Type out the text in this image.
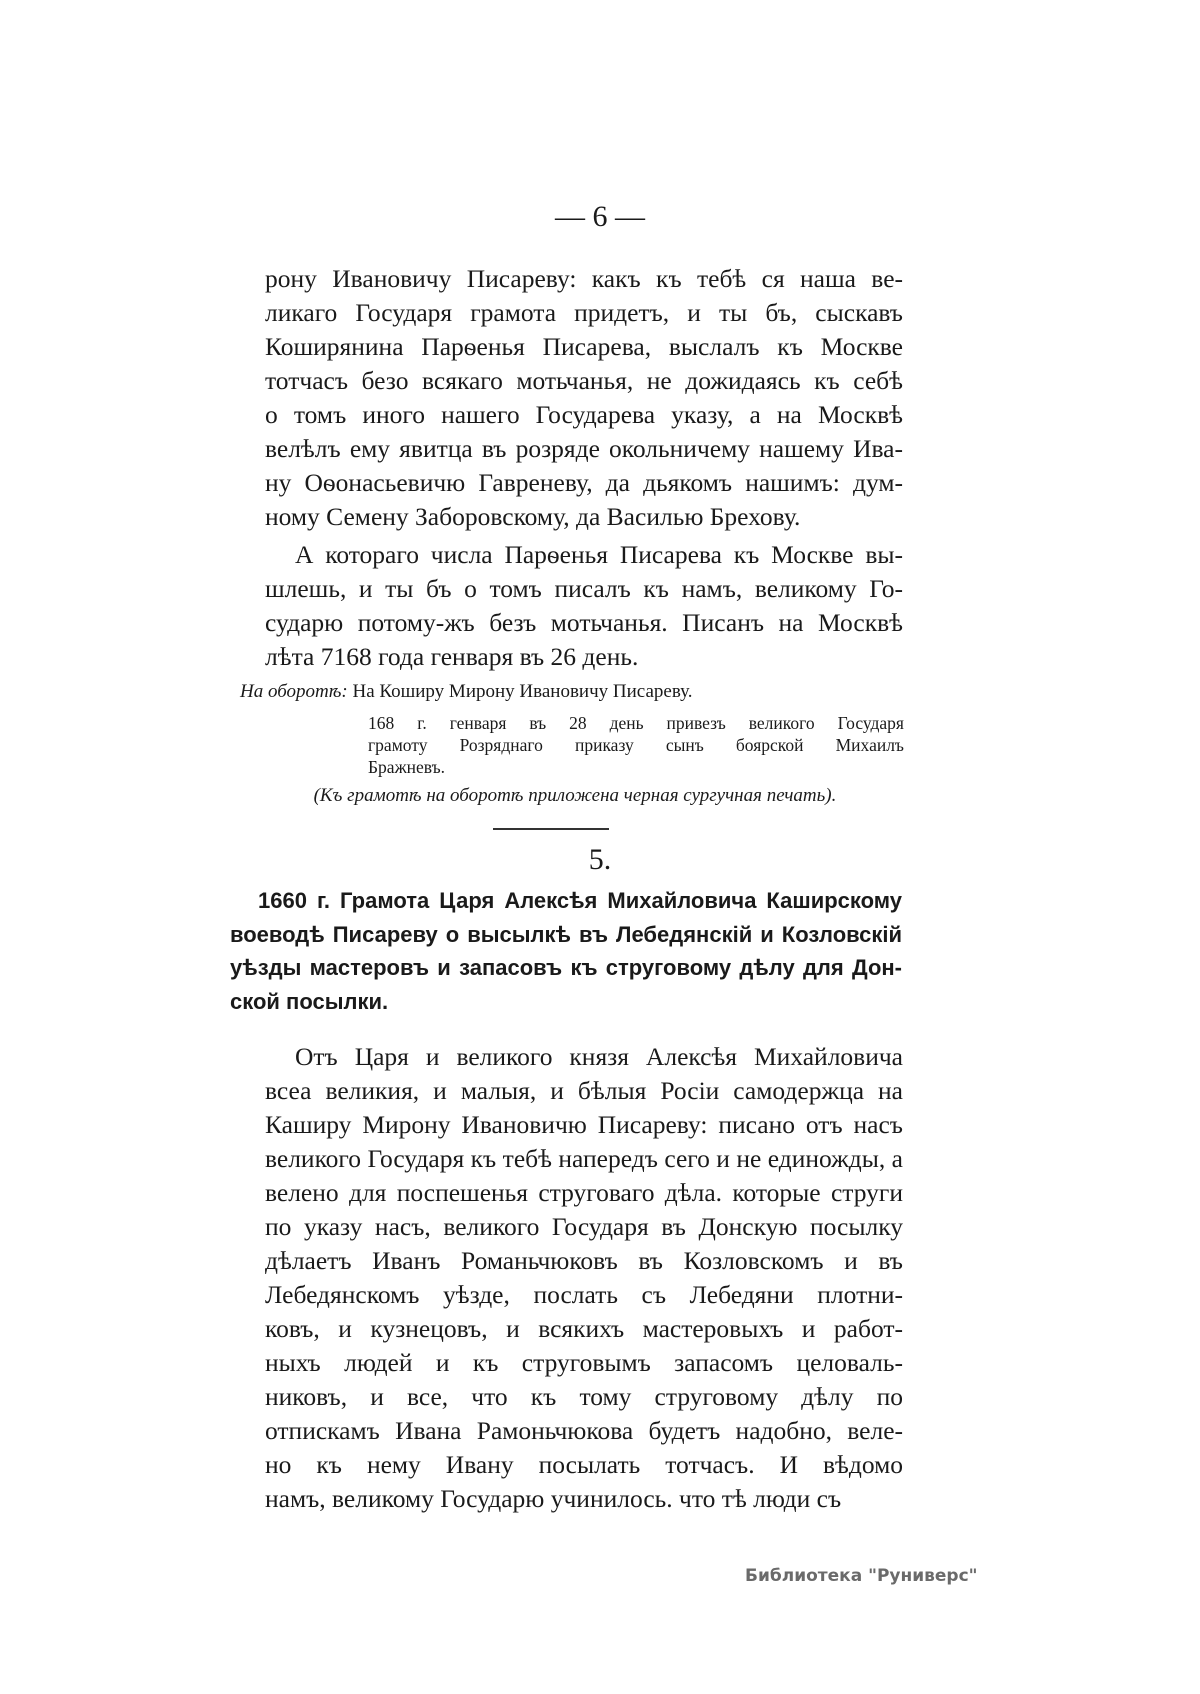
— 6 —
рону Ивановичу Писареву: какъ къ тебѣ ся наша ве-
ликаго Государя грамота придетъ, и ты бъ, сыскавъ
Коширянина Парѳенья Писарева, выслалъ къ Москве
тотчасъ безо всякаго мотьчанья, не дожидаясь къ себѣ
о томъ иного нашего Государева указу, а на Москвѣ
велѣлъ ему явитца въ розряде окольничему нашему Ива-
ну Оѳонасьевичю Гавреневу, да дьякомъ нашимъ: дум-
ному Семену Заборовскому, да Василью Брехову.
А котораго числа Парѳенья Писарева къ Москве вы-
шлешь, и ты бъ о томъ писалъ къ намъ, великому Го-
сударю потому-жъ безъ мотьчанья. Писанъ на Москвѣ
лѣта 7168 года генваря въ 26 день.
На оборотѣ: На Коширу Мирону Ивановичу Писареву.
168 г. генваря въ 28 день привезъ великого Государя
грамоту Розряднаго приказу сынъ боярской Михаилъ
Бражневъ.
(Къ грамотѣ на оборотѣ приложена черная сургучная печать).
5.
1660 г. Грамота Царя Алексѣя Михайловича Каширскому
воеводѣ Писареву о высылкѣ въ Лебедянскій и Козловскій
уѣзды мастеровъ и запасовъ къ струговому дѣлу для Дон-
ской посылки.
Отъ Царя и великого князя Алексѣя Михайловича
всеа великия, и малыя, и бѣлыя Росіи самодержца на
Каширу Мирону Ивановичю Писареву: писано отъ насъ
великого Государя къ тебѣ напередъ сего и не единожды, а
велено для поспешенья струговаго дѣла. которые струги
по указу насъ, великого Государя въ Донскую посылку
дѣлаетъ Иванъ Романьчюковъ въ Козловскомъ и въ
Лебедянскомъ уѣзде, послать съ Лебедяни плотни-
ковъ, и кузнецовъ, и всякихъ мастеровыхъ и работ-
ныхъ людей и къ струговымъ запасомъ целоваль-
никовъ, и все, что къ тому струговому дѣлу по
отпискамъ Ивана Рамоньчюкова будетъ надобно, веле-
но къ нему Ивану посылать тотчасъ. И вѣдомо
намъ, великому Государю учинилось. что тѣ люди съ
Библиотека "Руниверс"
